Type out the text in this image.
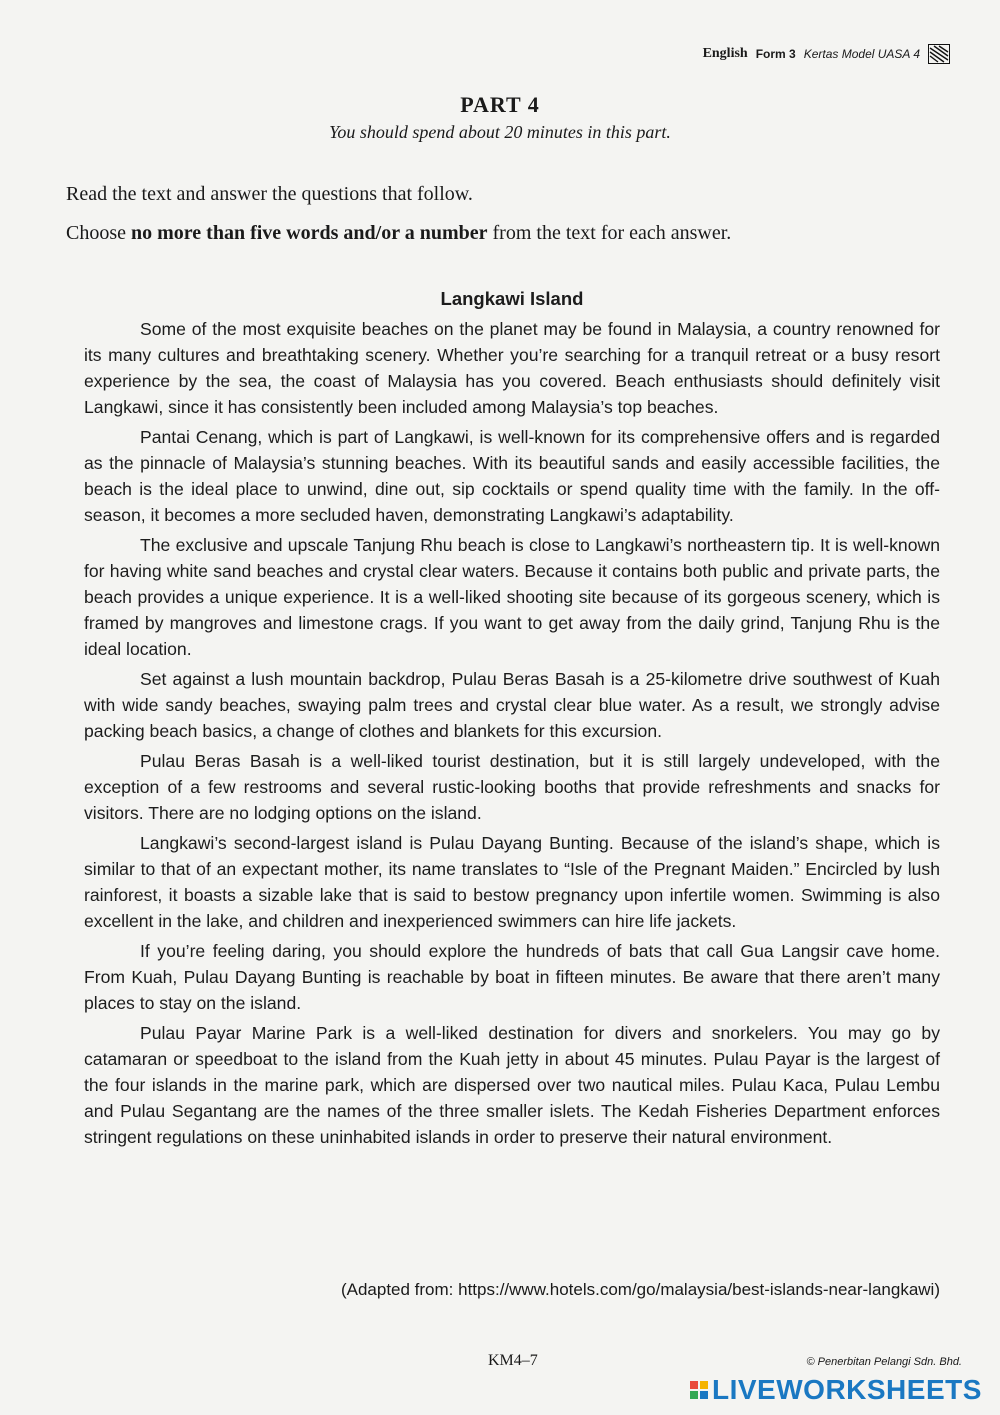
English Form 3 Kertas Model UASA 4
PART 4
You should spend about 20 minutes in this part.
Read the text and answer the questions that follow.
Choose no more than five words and/or a number from the text for each answer.
Langkawi Island

Some of the most exquisite beaches on the planet may be found in Malaysia, a country renowned for its many cultures and breathtaking scenery. Whether you’re searching for a tranquil retreat or a busy resort experience by the sea, the coast of Malaysia has you covered. Beach enthusiasts should definitely visit Langkawi, since it has consistently been included among Malaysia’s top beaches.

Pantai Cenang, which is part of Langkawi, is well-known for its comprehensive offers and is regarded as the pinnacle of Malaysia’s stunning beaches. With its beautiful sands and easily accessible facilities, the beach is the ideal place to unwind, dine out, sip cocktails or spend quality time with the family. In the off-season, it becomes a more secluded haven, demonstrating Langkawi’s adaptability.

The exclusive and upscale Tanjung Rhu beach is close to Langkawi’s northeastern tip. It is well-known for having white sand beaches and crystal clear waters. Because it contains both public and private parts, the beach provides a unique experience. It is a well-liked shooting site because of its gorgeous scenery, which is framed by mangroves and limestone crags. If you want to get away from the daily grind, Tanjung Rhu is the ideal location.

Set against a lush mountain backdrop, Pulau Beras Basah is a 25-kilometre drive southwest of Kuah with wide sandy beaches, swaying palm trees and crystal clear blue water. As a result, we strongly advise packing beach basics, a change of clothes and blankets for this excursion.

Pulau Beras Basah is a well-liked tourist destination, but it is still largely undeveloped, with the exception of a few restrooms and several rustic-looking booths that provide refreshments and snacks for visitors. There are no lodging options on the island.

Langkawi’s second-largest island is Pulau Dayang Bunting. Because of the island’s shape, which is similar to that of an expectant mother, its name translates to “Isle of the Pregnant Maiden.” Encircled by lush rainforest, it boasts a sizable lake that is said to bestow pregnancy upon infertile women. Swimming is also excellent in the lake, and children and inexperienced swimmers can hire life jackets.

If you’re feeling daring, you should explore the hundreds of bats that call Gua Langsir cave home. From Kuah, Pulau Dayang Bunting is reachable by boat in fifteen minutes. Be aware that there aren’t many places to stay on the island.

Pulau Payar Marine Park is a well-liked destination for divers and snorkelers. You may go by catamaran or speedboat to the island from the Kuah jetty in about 45 minutes. Pulau Payar is the largest of the four islands in the marine park, which are dispersed over two nautical miles. Pulau Kaca, Pulau Lembu and Pulau Segantang are the names of the three smaller islets. The Kedah Fisheries Department enforces stringent regulations on these uninhabited islands in order to preserve their natural environment.

(Adapted from: https://www.hotels.com/go/malaysia/best-islands-near-langkawi)
KM4–7	© Penerbitan Pelangi Sdn. Bhd.
LIVEWORKSHEETS
